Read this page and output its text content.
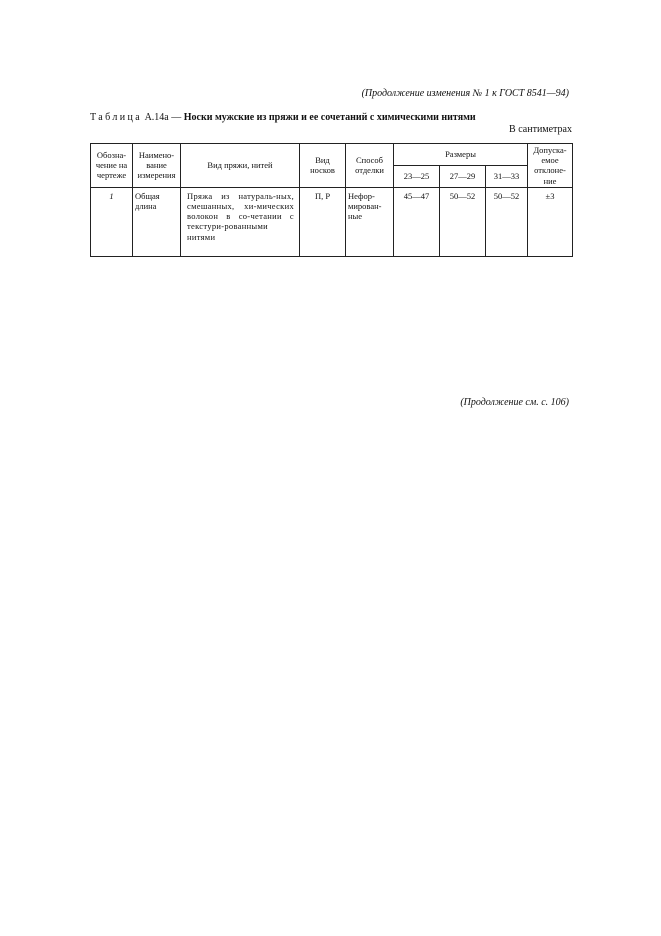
(Продолжение изменения № 1 к ГОСТ 8541—94)
Таблица А.14а — Носки мужские из пряжи и ее сочетаний с химическими нитями
В сантиметрах
Обозна-чение на чертеже	Наимено-вание измерения	Вид пряжи, нитей	Вид носков	Способ отделки	Размеры			Допуска-емое отклоне-ние
					23—25	27—29	31—33	
1	Общая длина	Пряжа из натураль-ных, смешанных, хи-мических волокон в со-четании с текстури-рованными нитями	П, Р	Нефор-мирован-ные	45—47	50—52	50—52	±3
(Продолжение см. с. 106)
